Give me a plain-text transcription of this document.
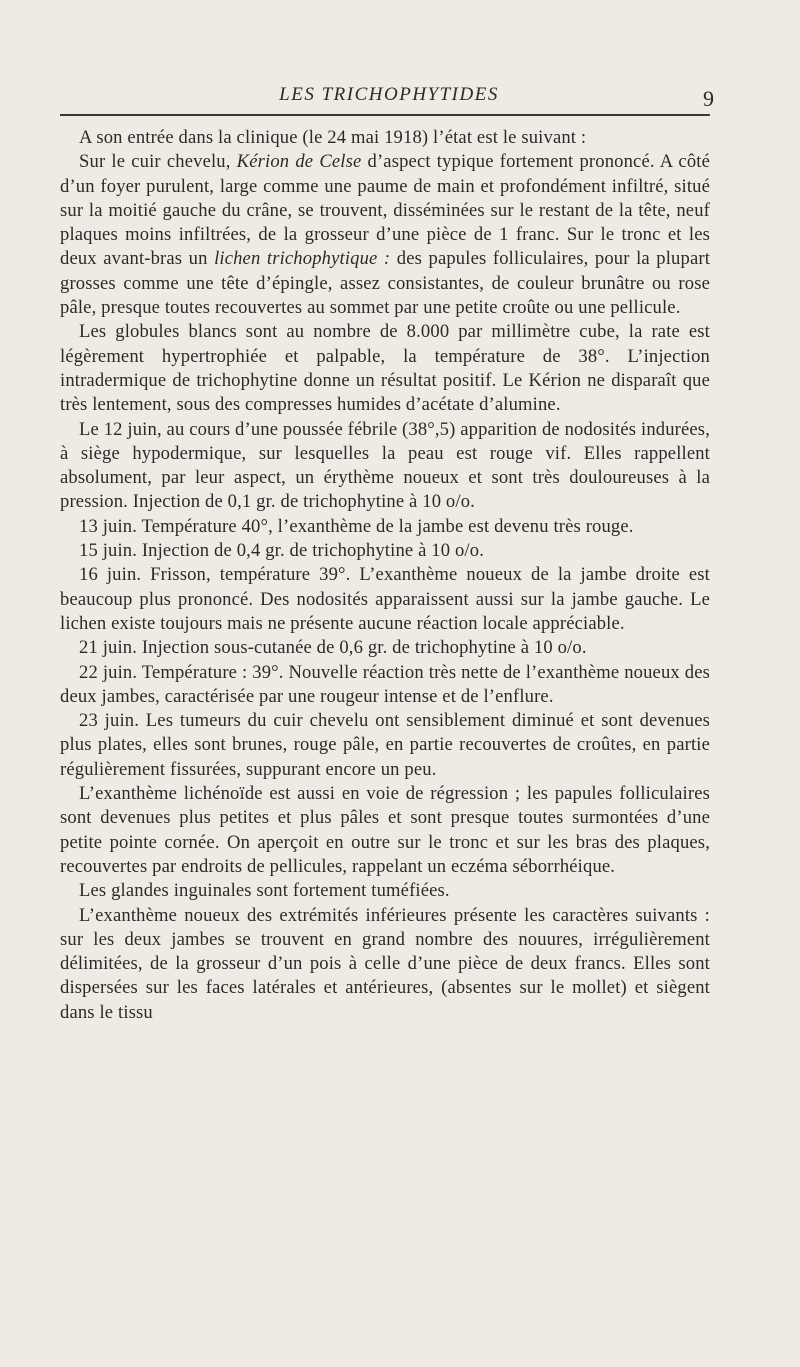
LES TRICHOPHYTIDES	9

A son entrée dans la clinique (le 24 mai 1918) l’état est le suivant :

Sur le cuir chevelu, Kérion de Celse d’aspect typique fortement prononcé. A côté d’un foyer purulent, large comme une paume de main et profondément infiltré, situé sur la moitié gauche du crâne, se trouvent, disséminées sur le restant de la tête, neuf plaques moins infiltrées, de la grosseur d’une pièce de 1 franc. Sur le tronc et les deux avant-bras un lichen trichophytique : des papules folliculaires, pour la plupart grosses comme une tête d’épingle, assez consistantes, de couleur brunâtre ou rose pâle, presque toutes recouvertes au sommet par une petite croûte ou une pellicule.

Les globules blancs sont au nombre de 8.000 par millimètre cube, la rate est légèrement hypertrophiée et palpable, la température de 38°. L’injection intradermique de trichophytine donne un résultat positif. Le Kérion ne disparaît que très lentement, sous des compresses humides d’acétate d’alumine.

Le 12 juin, au cours d’une poussée fébrile (38°,5) apparition de nodosités indurées, à siège hypodermique, sur lesquelles la peau est rouge vif. Elles rappellent absolument, par leur aspect, un érythème noueux et sont très douloureuses à la pression. Injection de 0,1 gr. de trichophytine à 10 o/o.

13 juin. Température 40°, l’exanthème de la jambe est devenu très rouge.

15 juin. Injection de 0,4 gr. de trichophytine à 10 o/o.

16 juin. Frisson, température 39°. L’exanthème noueux de la jambe droite est beaucoup plus prononcé. Des nodosités apparaissent aussi sur la jambe gauche. Le lichen existe toujours mais ne présente aucune réaction locale appréciable.

21 juin. Injection sous-cutanée de 0,6 gr. de trichophytine à 10 o/o.

22 juin. Température : 39°. Nouvelle réaction très nette de l’exanthème noueux des deux jambes, caractérisée par une rougeur intense et de l’enflure.

23 juin. Les tumeurs du cuir chevelu ont sensiblement diminué et sont devenues plus plates, elles sont brunes, rouge pâle, en partie recouvertes de croûtes, en partie régulièrement fissurées, suppurant encore un peu.

L’exanthème lichénoïde est aussi en voie de régression ; les papules folliculaires sont devenues plus petites et plus pâles et sont presque toutes surmontées d’une petite pointe cornée. On aperçoit en outre sur le tronc et sur les bras des plaques, recouvertes par endroits de pellicules, rappelant un eczéma séborrhéique.

Les glandes inguinales sont fortement tuméfiées.

L’exanthème noueux des extrémités inférieures présente les caractères suivants : sur les deux jambes se trouvent en grand nombre des nouures, irrégulièrement délimitées, de la grosseur d’un pois à celle d’une pièce de deux francs. Elles sont dispersées sur les faces latérales et antérieures, (absentes sur le mollet) et siègent dans le tissu
